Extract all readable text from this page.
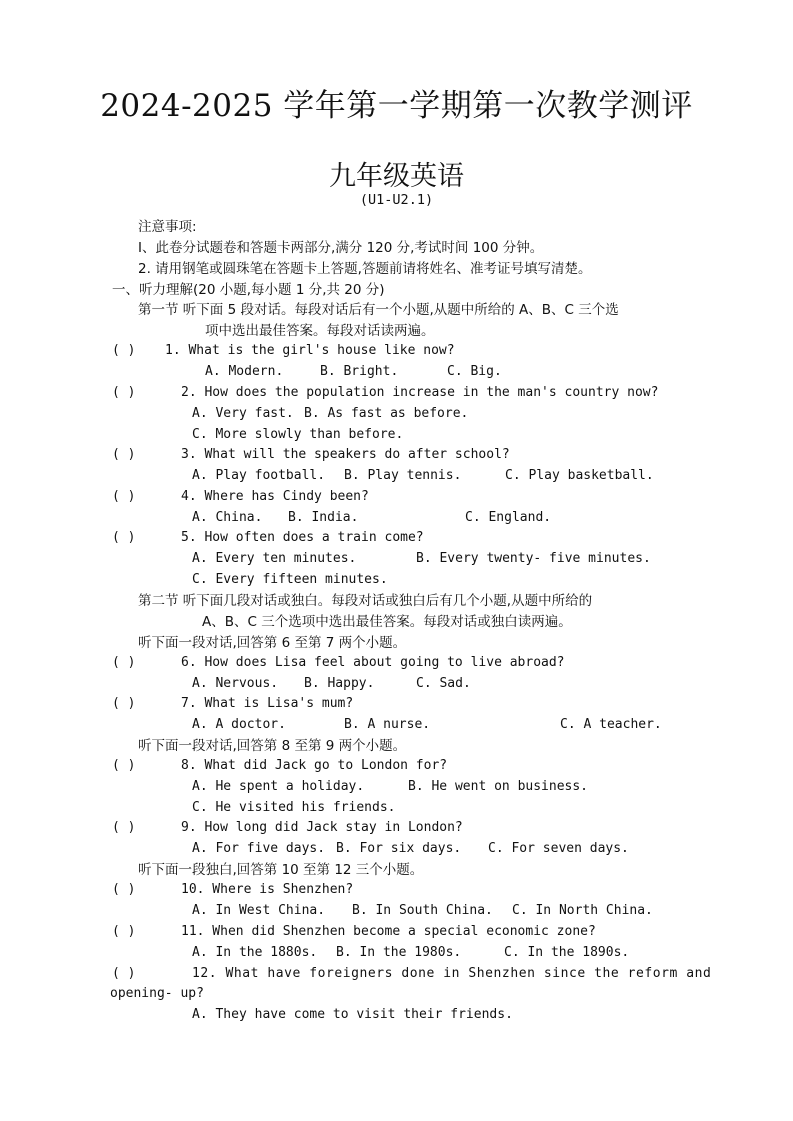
2024-2025 学年第一学期第一次教学测评
九年级英语
(U1-U2.1)
注意事项:
Ⅰ、此卷分试题卷和答题卡两部分,满分 120 分,考试时间 100 分钟。
2. 请用钢笔或圆珠笔在答题卡上答题,答题前请将姓名、准考证号填写清楚。
一、听力理解(20 小题,每小题 1 分,共 20 分)
第一节 听下面 5 段对话。每段对话后有一个小题,从题中所给的 A、B、C 三个选
项中选出最佳答案。每段对话读两遍。
( ) 1. What is the girl's house like now?
A. Modern.	B. Bright.	C. Big.
( )	2. How does the population increase in the man's country now?
A. Very fast. B. As fast as before.
C. More slowly than before.
( )	3. What will the speakers do after school?
A. Play football. B. Play tennis.	C. Play basketball.
( )	4. Where has Cindy been?
A. China. B. India.	C. England.
( )	5. How often does a train come?
A. Every ten minutes.	B. Every twenty- five minutes.
C. Every fifteen minutes.
第二节 听下面几段对话或独白。每段对话或独白后有几个小题,从题中所给的
A、B、C 三个选项中选出最佳答案。每段对话或独白读两遍。
听下面一段对话,回答第 6 至第 7 两个小题。
( )	6. How does Lisa feel about going to live abroad?
A. Nervous. B. Happy.	C. Sad.
( )	7. What is Lisa's mum?
A. A doctor.	B. A nurse.	C. A teacher.
听下面一段对话,回答第 8 至第 9 两个小题。
( )	8. What did Jack go to London for?
A. He spent a holiday.	B. He went on business.
C. He visited his friends.
( )	9. How long did Jack stay in London?
A. For five days. B. For six days. C. For seven days.
听下面一段独白,回答第 10 至第 12 三个小题。
( )	10. Where is Shenzhen?
A. In West China. B. In South China. C. In North China.
( )	11. When did Shenzhen become a special economic zone?
A. In the 1880s. B. In the 1980s.	C. In the 1890s.
( )	12. What have foreigners done in Shenzhen since the reform and
opening- up?
A. They have come to visit their friends.
